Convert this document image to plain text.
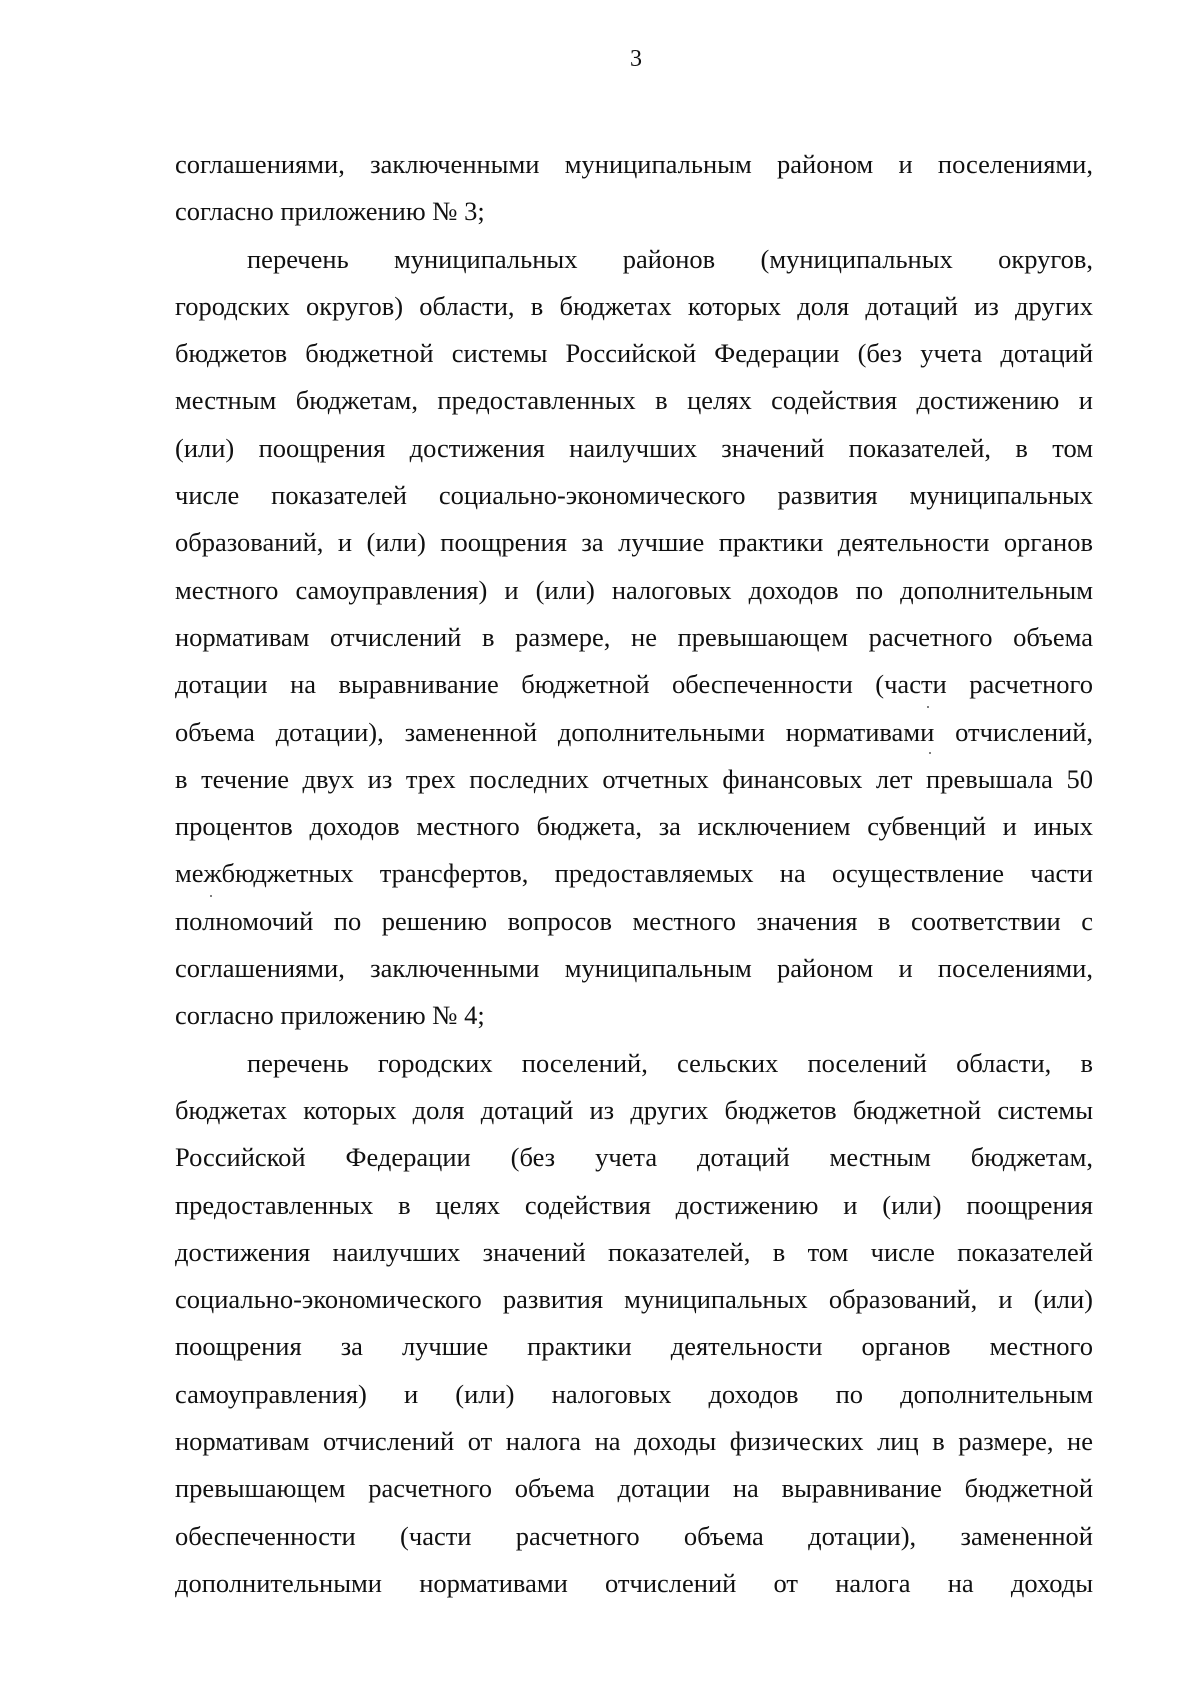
3
соглашениями, заключенными муниципальным районом и поселениями,
согласно приложению № 3;
перечень муниципальных районов (муниципальных округов,
городских округов) области, в бюджетах которых доля дотаций из других
бюджетов бюджетной системы Российской Федерации (без учета дотаций
местным бюджетам, предоставленных в целях содействия достижению и
(или) поощрения достижения наилучших значений показателей, в том
числе показателей социально-экономического развития муниципальных
образований, и (или) поощрения за лучшие практики деятельности органов
местного самоуправления) и (или) налоговых доходов по дополнительным
нормативам отчислений в размере, не превышающем расчетного объема
дотации на выравнивание бюджетной обеспеченности (части расчетного
объема дотации), замененной дополнительными нормативами отчислений,
в течение двух из трех последних отчетных финансовых лет превышала 50
процентов доходов местного бюджета, за исключением субвенций и иных
межбюджетных трансфертов, предоставляемых на осуществление части
полномочий по решению вопросов местного значения в соответствии с
соглашениями, заключенными муниципальным районом и поселениями,
согласно приложению № 4;
перечень городских поселений, сельских поселений области, в
бюджетах которых доля дотаций из других бюджетов бюджетной системы
Российской Федерации (без учета дотаций местным бюджетам,
предоставленных в целях содействия достижению и (или) поощрения
достижения наилучших значений показателей, в том числе показателей
социально-экономического развития муниципальных образований, и (или)
поощрения за лучшие практики деятельности органов местного
самоуправления) и (или) налоговых доходов по дополнительным
нормативам отчислений от налога на доходы физических лиц в размере, не
превышающем расчетного объема дотации на выравнивание бюджетной
обеспеченности (части расчетного объема дотации), замененной
дополнительными нормативами отчислений от налога на доходы
